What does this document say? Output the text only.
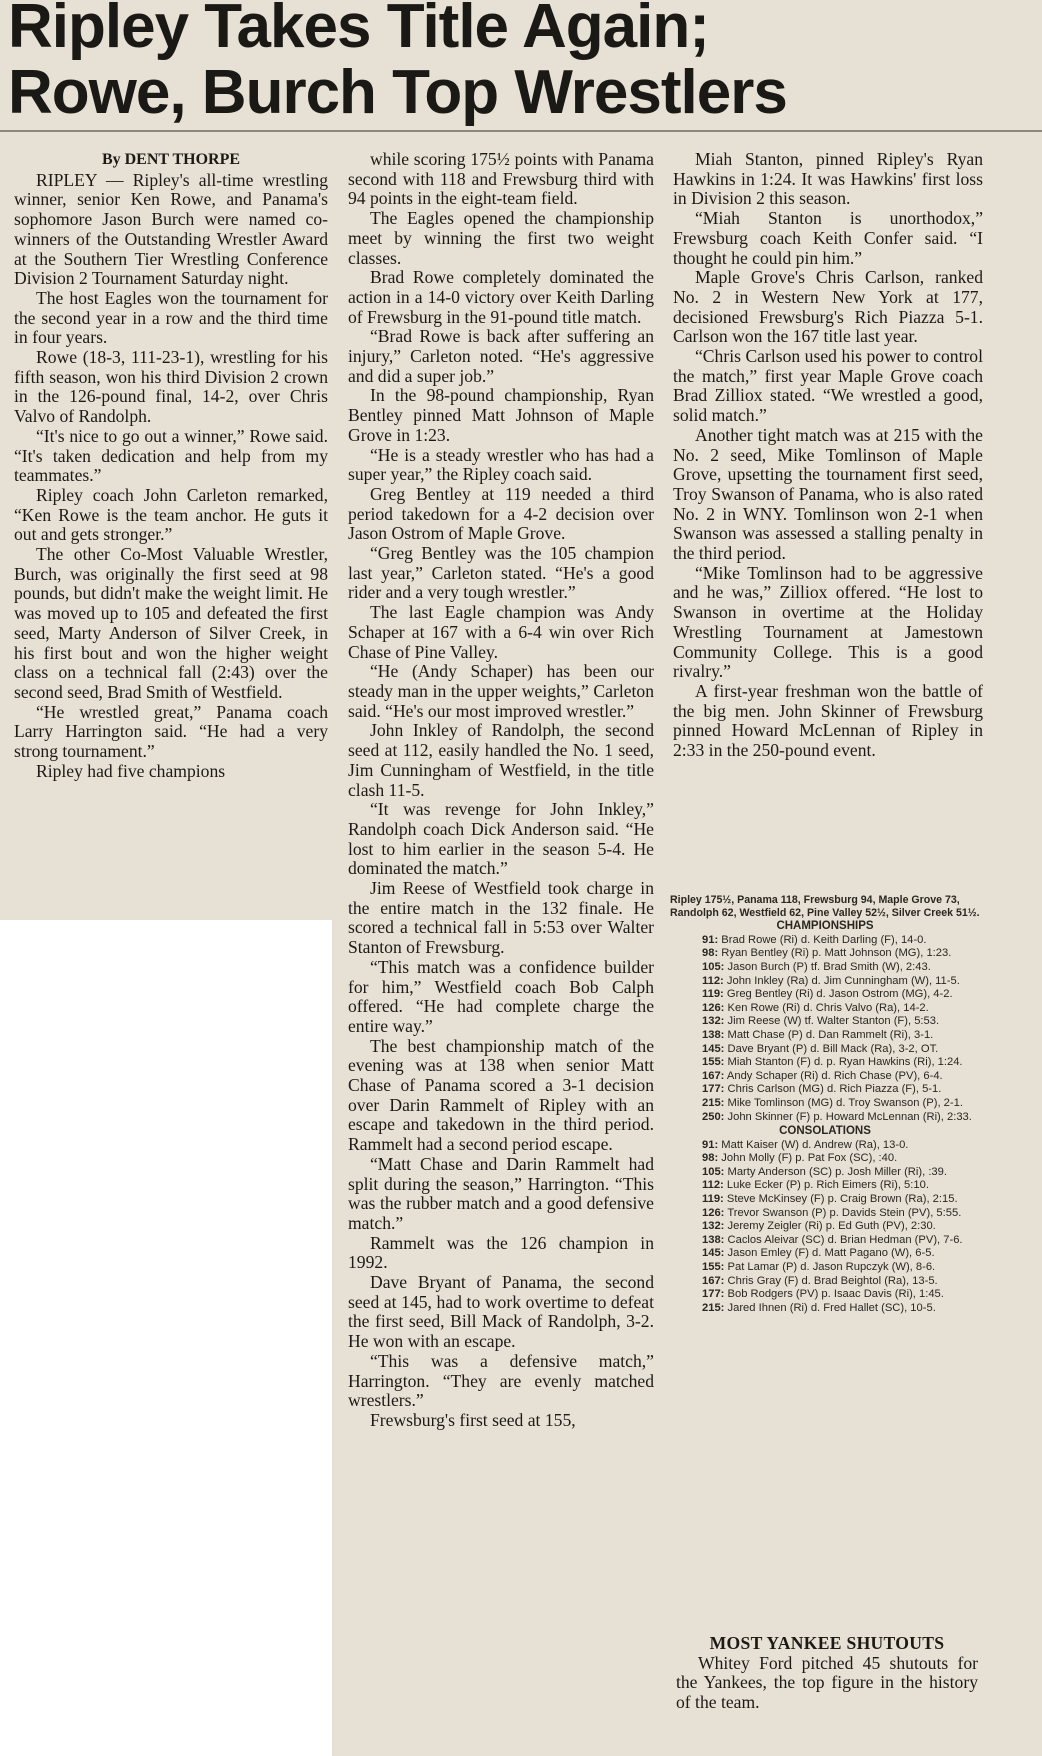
Ripley Takes Title Again;
Rowe, Burch Top Wrestlers

By DENT THORPE

RIPLEY — Ripley's all-time wrestling winner, senior Ken Rowe, and Panama's sophomore Jason Burch were named co-winners of the Outstanding Wrestler Award at the Southern Tier Wrestling Conference Division 2 Tournament Saturday night.

The host Eagles won the tournament for the second year in a row and the third time in four years.

Rowe (18-3, 111-23-1), wrestling for his fifth season, won his third Division 2 crown in the 126-pound final, 14-2, over Chris Valvo of Randolph.

“It's nice to go out a winner,” Rowe said. “It's taken dedication and help from my teammates.”

Ripley coach John Carleton remarked, “Ken Rowe is the team anchor. He guts it out and gets stronger.”

The other Co-Most Valuable Wrestler, Burch, was originally the first seed at 98 pounds, but didn't make the weight limit. He was moved up to 105 and defeated the first seed, Marty Anderson of Silver Creek, in his first bout and won the higher weight class on a technical fall (2:43) over the second seed, Brad Smith of Westfield.

“He wrestled great,” Panama coach Larry Harrington said. “He had a very strong tournament.”

Ripley had five champions

while scoring 175½ points with Panama second with 118 and Frewsburg third with 94 points in the eight-team field.

The Eagles opened the championship meet by winning the first two weight classes.

Brad Rowe completely dominated the action in a 14-0 victory over Keith Darling of Frewsburg in the 91-pound title match.

“Brad Rowe is back after suffering an injury,” Carleton noted. “He's aggressive and did a super job.”

In the 98-pound championship, Ryan Bentley pinned Matt Johnson of Maple Grove in 1:23.

“He is a steady wrestler who has had a super year,” the Ripley coach said.

Greg Bentley at 119 needed a third period takedown for a 4-2 decision over Jason Ostrom of Maple Grove.

“Greg Bentley was the 105 champion last year,” Carleton stated. “He's a good rider and a very tough wrestler.”

The last Eagle champion was Andy Schaper at 167 with a 6-4 win over Rich Chase of Pine Valley.

“He (Andy Schaper) has been our steady man in the upper weights,” Carleton said. “He's our most improved wrestler.”

John Inkley of Randolph, the second seed at 112, easily handled the No. 1 seed, Jim Cunningham of Westfield, in the title clash 11-5.

“It was revenge for John Inkley,” Randolph coach Dick Anderson said. “He lost to him earlier in the season 5-4. He dominated the match.”

Jim Reese of Westfield took charge in the entire match in the 132 finale. He scored a technical fall in 5:53 over Walter Stanton of Frewsburg.

“This match was a confidence builder for him,” Westfield coach Bob Calph offered. “He had complete charge the entire way.”

The best championship match of the evening was at 138 when senior Matt Chase of Panama scored a 3-1 decision over Darin Rammelt of Ripley with an escape and takedown in the third period. Rammelt had a second period escape.

“Matt Chase and Darin Rammelt had split during the season,” Harrington. “This was the rubber match and a good defensive match.”

Rammelt was the 126 champion in 1992.

Dave Bryant of Panama, the second seed at 145, had to work overtime to defeat the first seed, Bill Mack of Randolph, 3-2. He won with an escape.

“This was a defensive match,” Harrington. “They are evenly matched wrestlers.”

Frewsburg's first seed at 155,

Miah Stanton, pinned Ripley's Ryan Hawkins in 1:24. It was Hawkins' first loss in Division 2 this season.

“Miah Stanton is unorthodox,” Frewsburg coach Keith Confer said. “I thought he could pin him.”

Maple Grove's Chris Carlson, ranked No. 2 in Western New York at 177, decisioned Frewsburg's Rich Piazza 5-1. Carlson won the 167 title last year.

“Chris Carlson used his power to control the match,” first year Maple Grove coach Brad Zilliox stated. “We wrestled a good, solid match.”

Another tight match was at 215 with the No. 2 seed, Mike Tomlinson of Maple Grove, upsetting the tournament first seed, Troy Swanson of Panama, who is also rated No. 2 in WNY. Tomlinson won 2-1 when Swanson was assessed a stalling penalty in the third period.

“Mike Tomlinson had to be aggressive and he was,” Zilliox offered. “He lost to Swanson in overtime at the Holiday Wrestling Tournament at Jamestown Community College. This is a good rivalry.”

A first-year freshman won the battle of the big men. John Skinner of Frewsburg pinned Howard McLennan of Ripley in 2:33 in the 250-pound event.

Ripley 175½, Panama 118, Frewsburg 94, Maple Grove 73, Randolph 62, Westfield 62, Pine Valley 52½, Silver Creek 51½.
CHAMPIONSHIPS
91: Brad Rowe (Ri) d. Keith Darling (F), 14-0.
98: Ryan Bentley (Ri) p. Matt Johnson (MG), 1:23.
105: Jason Burch (P) tf. Brad Smith (W), 2:43.
112: John Inkley (Ra) d. Jim Cunningham (W), 11-5.
119: Greg Bentley (Ri) d. Jason Ostrom (MG), 4-2.
126: Ken Rowe (Ri) d. Chris Valvo (Ra), 14-2.
132: Jim Reese (W) tf. Walter Stanton (F), 5:53.
138: Matt Chase (P) d. Dan Rammelt (Ri), 3-1.
145: Dave Bryant (P) d. Bill Mack (Ra), 3-2, OT.
155: Miah Stanton (F) d. p. Ryan Hawkins (Ri), 1:24.
167: Andy Schaper (Ri) d. Rich Chase (PV), 6-4.
177: Chris Carlson (MG) d. Rich Piazza (F), 5-1.
215: Mike Tomlinson (MG) d. Troy Swanson (P), 2-1.
250: John Skinner (F) p. Howard McLennan (Ri), 2:33.
CONSOLATIONS
91: Matt Kaiser (W) d. Andrew (Ra), 13-0.
98: John Molly (F) p. Pat Fox (SC), :40.
105: Marty Anderson (SC) p. Josh Miller (Ri), :39.
112: Luke Ecker (P) p. Rich Eimers (Ri), 5:10.
119: Steve McKinsey (F) p. Craig Brown (Ra), 2:15.
126: Trevor Swanson (P) p. Davids Stein (PV), 5:55.
132: Jeremy Zeigler (Ri) p. Ed Guth (PV), 2:30.
138: Caclos Aleivar (SC) d. Brian Hedman (PV), 7-6.
145: Jason Emley (F) d. Matt Pagano (W), 6-5.
155: Pat Lamar (P) d. Jason Rupczyk (W), 8-6.
167: Chris Gray (F) d. Brad Beightol (Ra), 13-5.
177: Bob Rodgers (PV) p. Isaac Davis (Ri), 1:45.
215: Jared Ihnen (Ri) d. Fred Hallet (SC), 10-5.
MOST YANKEE SHUTOUTS

Whitey Ford pitched 45 shutouts for the Yankees, the top figure in the history of the team.
